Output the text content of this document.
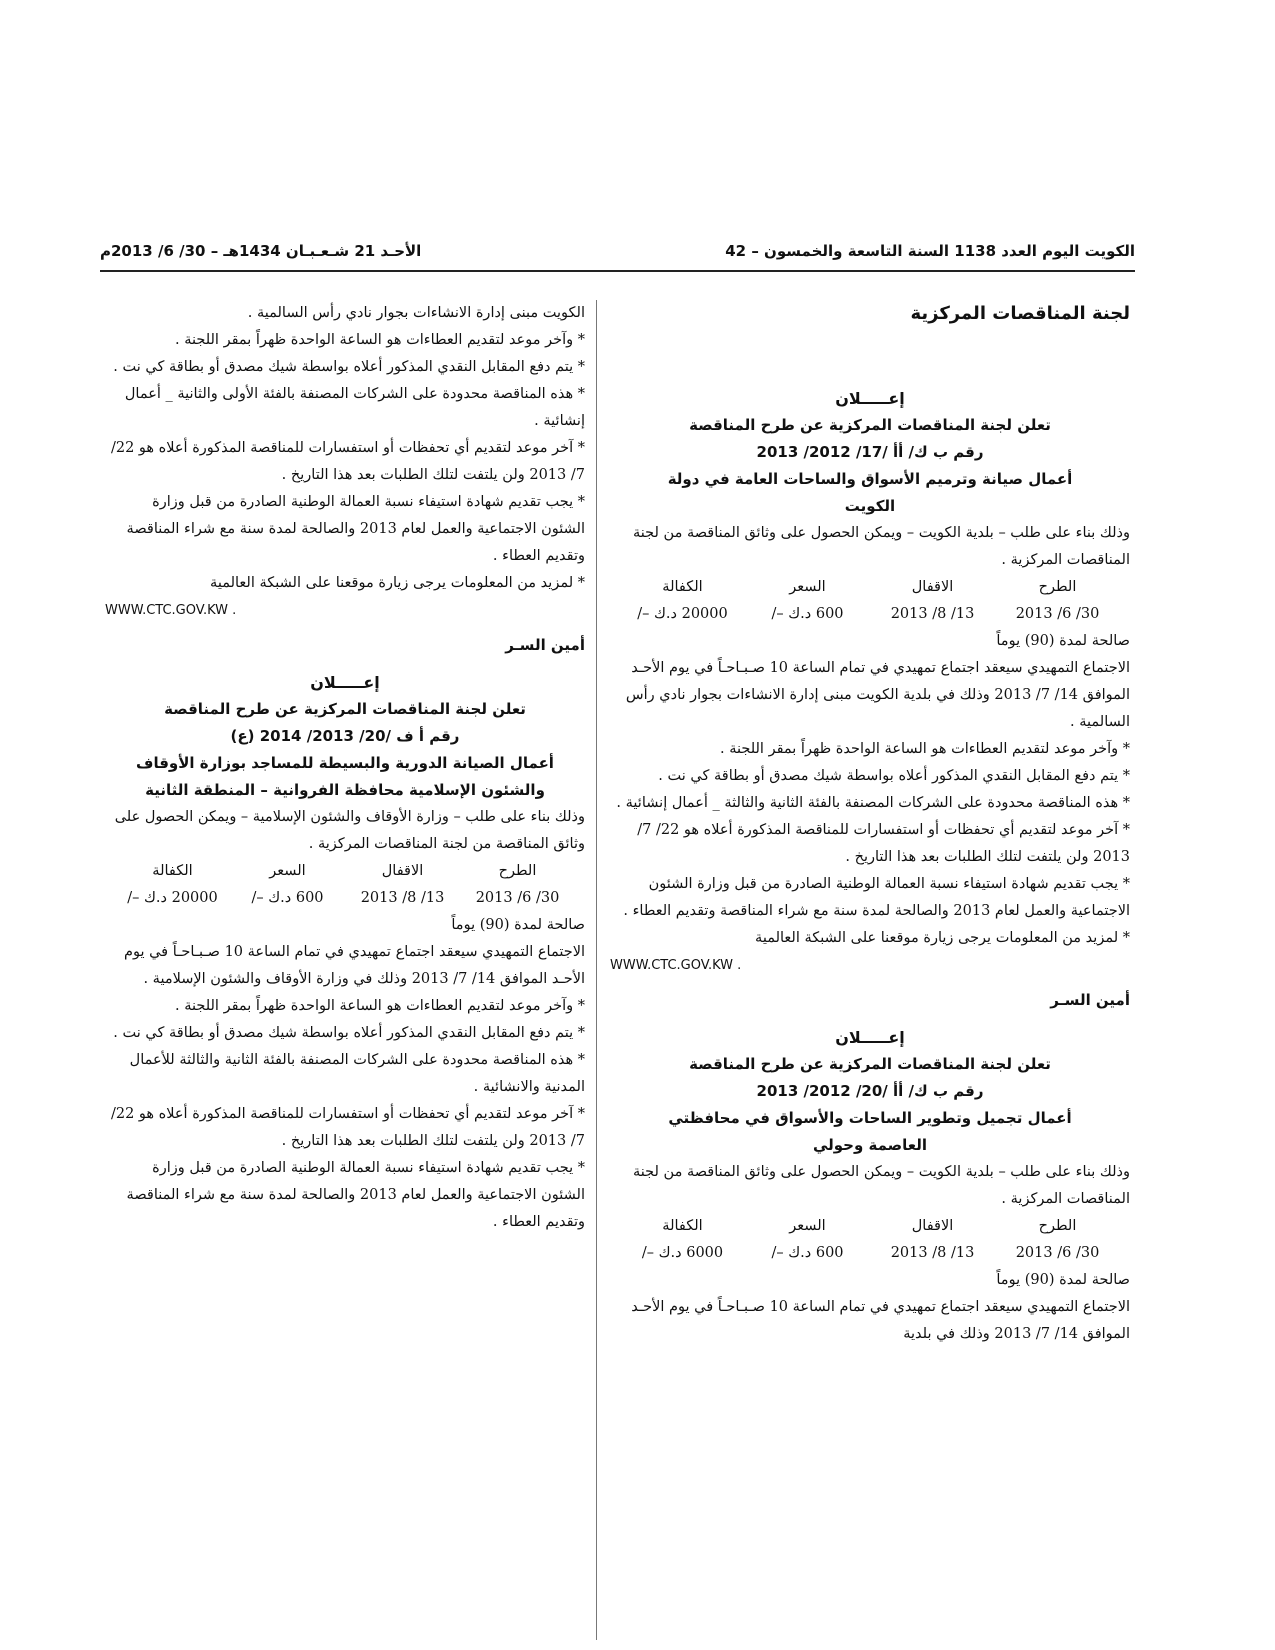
الكويت اليوم العدد 1138 السنة التاسعة والخمسون – 42
الأحـد 21 شـعـبـان 1434هـ – 30/ 6/ 2013م
لجنة المناقصات المركزية
إعـــــلان
تعلن لجنة المناقصات المركزية عن طرح المناقصة
رقم ب ك/ أأ /17/ 2012/ 2013
أعمال صيانة وترميم الأسواق والساحات العامة في دولة
الكويت

وذلك بناء على طلب – بلدية الكويت – ويمكن الحصول على وثائق المناقصة من لجنة المناقصات المركزية .

الطرح
الاقفال
السعر
الكفالة
30/ 6/ 2013
13/ 8/ 2013
600 د.ك –/
20000 د.ك –/

صالحة لمدة (90) يوماً

الاجتماع التمهيدي سيعقد اجتماع تمهيدي في تمام الساعة 10 صـبـاحـاً في يوم الأحـد الموافق 14/ 7/ 2013 وذلك في بلدية الكويت مبنى إدارة الانشاءات بجوار نادي رأس السالمية .

* وآخر موعد لتقديم العطاءات هو الساعة الواحدة ظهراً بمقر اللجنة .

* يتم دفع المقابل النقدي المذكور أعلاه بواسطة شيك مصدق أو بطاقة كي نت .

* هذه المناقصة محدودة على الشركات المصنفة بالفئة الثانية والثالثة _ أعمال إنشائية .

* آخر موعد لتقديم أي تحفظات أو استفسارات للمناقصة المذكورة أعلاه هو 22/ 7/ 2013 ولن يلتفت لتلك الطلبات بعد هذا التاريخ .

* يجب تقديم شهادة استيفاء نسبة العمالة الوطنية الصادرة من قبل وزارة الشئون الاجتماعية والعمل لعام 2013 والصالحة لمدة سنة مع شراء المناقصة وتقديم العطاء .

* لمزيد من المعلومات يرجى زيارة موقعنا على الشبكة العالمية

WWW.CTC.GOV.KW .

أمين السـر
إعـــــلان
تعلن لجنة المناقصات المركزية عن طرح المناقصة
رقم ب ك/ أأ /20/ 2012/ 2013
أعمال تجميل وتطوير الساحات والأسواق في محافظتي
العاصمة وحولي

وذلك بناء على طلب – بلدية الكويت – ويمكن الحصول على وثائق المناقصة من لجنة المناقصات المركزية .

الطرح
الاقفال
السعر
الكفالة
30/ 6/ 2013
13/ 8/ 2013
600 د.ك –/
6000 د.ك –/

صالحة لمدة (90) يوماً

الاجتماع التمهيدي سيعقد اجتماع تمهيدي في تمام الساعة 10 صـبـاحـاً في يوم الأحـد الموافق 14/ 7/ 2013 وذلك في بلدية

الكويت مبنى إدارة الانشاءات بجوار نادي رأس السالمية .

* وآخر موعد لتقديم العطاءات هو الساعة الواحدة ظهراً بمقر اللجنة .

* يتم دفع المقابل النقدي المذكور أعلاه بواسطة شيك مصدق أو بطاقة كي نت .

* هذه المناقصة محدودة على الشركات المصنفة بالفئة الأولى والثانية _ أعمال إنشائية .

* آخر موعد لتقديم أي تحفظات أو استفسارات للمناقصة المذكورة أعلاه هو 22/ 7/ 2013 ولن يلتفت لتلك الطلبات بعد هذا التاريخ .

* يجب تقديم شهادة استيفاء نسبة العمالة الوطنية الصادرة من قبل وزارة الشئون الاجتماعية والعمل لعام 2013 والصالحة لمدة سنة مع شراء المناقصة وتقديم العطاء .

* لمزيد من المعلومات يرجى زيارة موقعنا على الشبكة العالمية

WWW.CTC.GOV.KW .

أمين السـر
إعـــــلان
تعلن لجنة المناقصات المركزية عن طرح المناقصة
رقم أ ف /20/ 2013/ 2014 (ع)
أعمال الصيانة الدورية والبسيطة للمساجد بوزارة الأوقاف
والشئون الإسلامية محافظة الفروانية – المنطقة الثانية

وذلك بناء على طلب – وزارة الأوقاف والشئون الإسلامية – ويمكن الحصول على وثائق المناقصة من لجنة المناقصات المركزية .

الطرح
الاقفال
السعر
الكفالة
30/ 6/ 2013
13/ 8/ 2013
600 د.ك –/
20000 د.ك –/

صالحة لمدة (90) يوماً

الاجتماع التمهيدي سيعقد اجتماع تمهيدي في تمام الساعة 10 صـبـاحـاً في يوم الأحـد الموافق 14/ 7/ 2013 وذلك في وزارة الأوقاف والشئون الإسلامية .

* وآخر موعد لتقديم العطاءات هو الساعة الواحدة ظهراً بمقر اللجنة .

* يتم دفع المقابل النقدي المذكور أعلاه بواسطة شيك مصدق أو بطاقة كي نت .

* هذه المناقصة محدودة على الشركات المصنفة بالفئة الثانية والثالثة للأعمال المدنية والانشائية .

* آخر موعد لتقديم أي تحفظات أو استفسارات للمناقصة المذكورة أعلاه هو 22/ 7/ 2013 ولن يلتفت لتلك الطلبات بعد هذا التاريخ .

* يجب تقديم شهادة استيفاء نسبة العمالة الوطنية الصادرة من قبل وزارة الشئون الاجتماعية والعمل لعام 2013 والصالحة لمدة سنة مع شراء المناقصة وتقديم العطاء .
